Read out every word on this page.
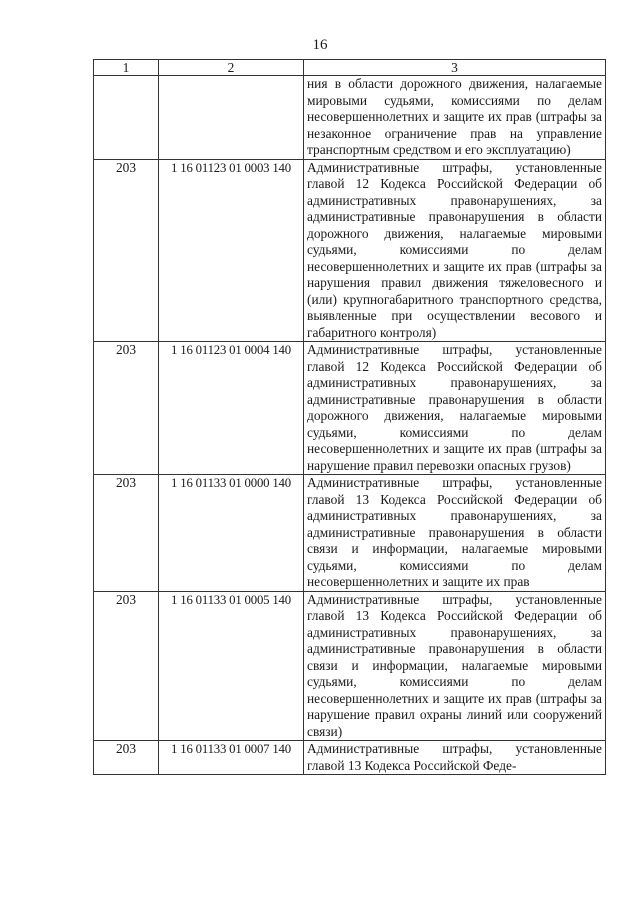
16
1	2	3
		ния в области дорожного движения, налагаемые мировыми судьями, комиссиями по делам несовершеннолетних и защите их прав (штрафы за незаконное ограничение прав на управление транспортным средством и его эксплуатацию)
203	1 16 01123 01 0003 140	Административные штрафы, установленные главой 12 Кодекса Российской Федерации об административных правонарушениях, за административные правонарушения в области дорожного движения, налагаемые мировыми судьями, комиссиями по делам несовершеннолетних и защите их прав (штрафы за нарушения правил движения тяжеловесного и (или) крупногабаритного транспортного средства, выявленные при осуществлении весового и габаритного контроля)
203	1 16 01123 01 0004 140	Административные штрафы, установленные главой 12 Кодекса Российской Федерации об административных правонарушениях, за административные правонарушения в области дорожного движения, налагаемые мировыми судьями, комиссиями по делам несовершеннолетних и защите их прав (штрафы за нарушение правил перевозки опасных грузов)
203	1 16 01133 01 0000 140	Административные штрафы, установленные главой 13 Кодекса Российской Федерации об административных правонарушениях, за административные правонарушения в области связи и информации, налагаемые мировыми судьями, комиссиями по делам несовершеннолетних и защите их прав
203	1 16 01133 01 0005 140	Административные штрафы, установленные главой 13 Кодекса Российской Федерации об административных правонарушениях, за административные правонарушения в области связи и информации, налагаемые мировыми судьями, комиссиями по делам несовершеннолетних и защите их прав (штрафы за нарушение правил охраны линий или сооружений связи)
203	1 16 01133 01 0007 140	Административные штрафы, установленные главой 13 Кодекса Российской Феде-
